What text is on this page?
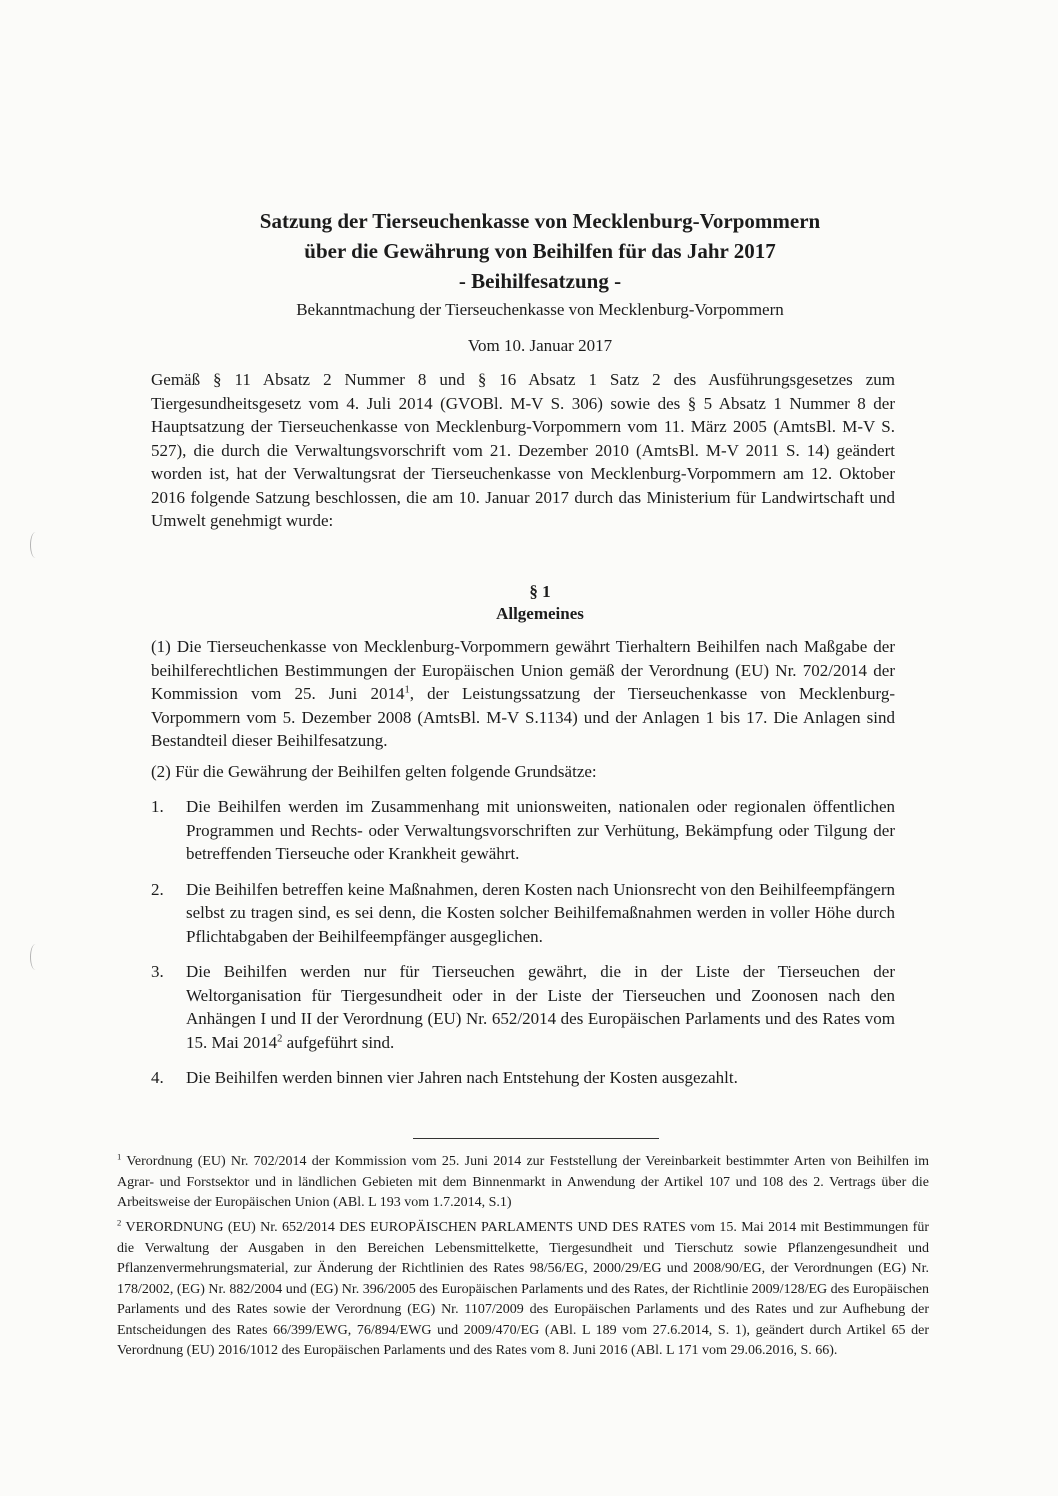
Satzung der Tierseuchenkasse von Mecklenburg-Vorpommern

über die Gewährung von Beihilfen für das Jahr 2017

- Beihilfesatzung -

Bekanntmachung der Tierseuchenkasse von Mecklenburg-Vorpommern
Vom 10. Januar 2017
Gemäß § 11 Absatz 2 Nummer 8 und § 16 Absatz 1 Satz 2 des Ausführungsgesetzes zum Tiergesundheitsgesetz vom 4. Juli 2014 (GVOBl. M-V S. 306) sowie des § 5 Absatz 1 Nummer 8 der Hauptsatzung der Tierseuchenkasse von Mecklenburg-Vorpommern vom 11. März 2005 (AmtsBl. M-V S. 527), die durch die Verwaltungsvorschrift vom 21. Dezember 2010 (AmtsBl. M-V 2011 S. 14) geändert worden ist, hat der Verwaltungsrat der Tierseuchenkasse von Mecklenburg-Vorpommern am 12. Oktober 2016 folgende Satzung beschlossen, die am 10. Januar 2017 durch das Ministerium für Landwirtschaft und Umwelt genehmigt wurde:
§ 1
Allgemeines
(1) Die Tierseuchenkasse von Mecklenburg-Vorpommern gewährt Tierhaltern Beihilfen nach Maßgabe der beihilferechtlichen Bestimmungen der Europäischen Union gemäß der Verordnung (EU) Nr. 702/2014 der Kommission vom 25. Juni 2014$^1$, der Leistungssatzung der Tierseuchenkasse von Mecklenburg-Vorpommern vom 5. Dezember 2008 (AmtsBl. M-V S.1134) und der Anlagen 1 bis 17. Die Anlagen sind Bestandteil dieser Beihilfesatzung.
(2) Für die Gewährung der Beihilfen gelten folgende Grundsätze:
1. Die Beihilfen werden im Zusammenhang mit unionsweiten, nationalen oder regionalen öffentlichen Programmen und Rechts- oder Verwaltungsvorschriften zur Verhütung, Bekämpfung oder Tilgung der betreffenden Tierseuche oder Krankheit gewährt.
2. Die Beihilfen betreffen keine Maßnahmen, deren Kosten nach Unionsrecht von den Beihilfeempfängern selbst zu tragen sind, es sei denn, die Kosten solcher Beihilfemaßnahmen werden in voller Höhe durch Pflichtabgaben der Beihilfeempfänger ausgeglichen.
3. Die Beihilfen werden nur für Tierseuchen gewährt, die in der Liste der Tierseuchen der Weltorganisation für Tiergesundheit oder in der Liste der Tierseuchen und Zoonosen nach den Anhängen I und II der Verordnung (EU) Nr. 652/2014 des Europäischen Parlaments und des Rates vom 15. Mai 2014$^2$ aufgeführt sind.
4. Die Beihilfen werden binnen vier Jahren nach Entstehung der Kosten ausgezahlt.
$^1$ Verordnung (EU) Nr. 702/2014 der Kommission vom 25. Juni 2014 zur Feststellung der Vereinbarkeit bestimmter Arten von Beihilfen im Agrar- und Forstsektor und in ländlichen Gebieten mit dem Binnenmarkt in Anwendung der Artikel 107 und 108 des 2. Vertrags über die Arbeitsweise der Europäischen Union (ABl. L 193 vom 1.7.2014, S.1)
$^2$ VERORDNUNG (EU) Nr. 652/2014 DES EUROPÄISCHEN PARLAMENTS UND DES RATES vom 15. Mai 2014 mit Bestimmungen für die Verwaltung der Ausgaben in den Bereichen Lebensmittelkette, Tiergesundheit und Tierschutz sowie Pflanzengesundheit und Pflanzenvermehrungsmaterial, zur Änderung der Richtlinien des Rates 98/56/EG, 2000/29/EG und 2008/90/EG, der Verordnungen (EG) Nr. 178/2002, (EG) Nr. 882/2004 und (EG) Nr. 396/2005 des Europäischen Parlaments und des Rates, der Richtlinie 2009/128/EG des Europäischen Parlaments und des Rates sowie der Verordnung (EG) Nr. 1107/2009 des Europäischen Parlaments und des Rates und zur Aufhebung der Entscheidungen des Rates 66/399/EWG, 76/894/EWG und 2009/470/EG (ABl. L 189 vom 27.6.2014, S. 1), geändert durch Artikel 65 der Verordnung (EU) 2016/1012 des Europäischen Parlaments und des Rates vom 8. Juni 2016 (ABl. L 171 vom 29.06.2016, S. 66).
